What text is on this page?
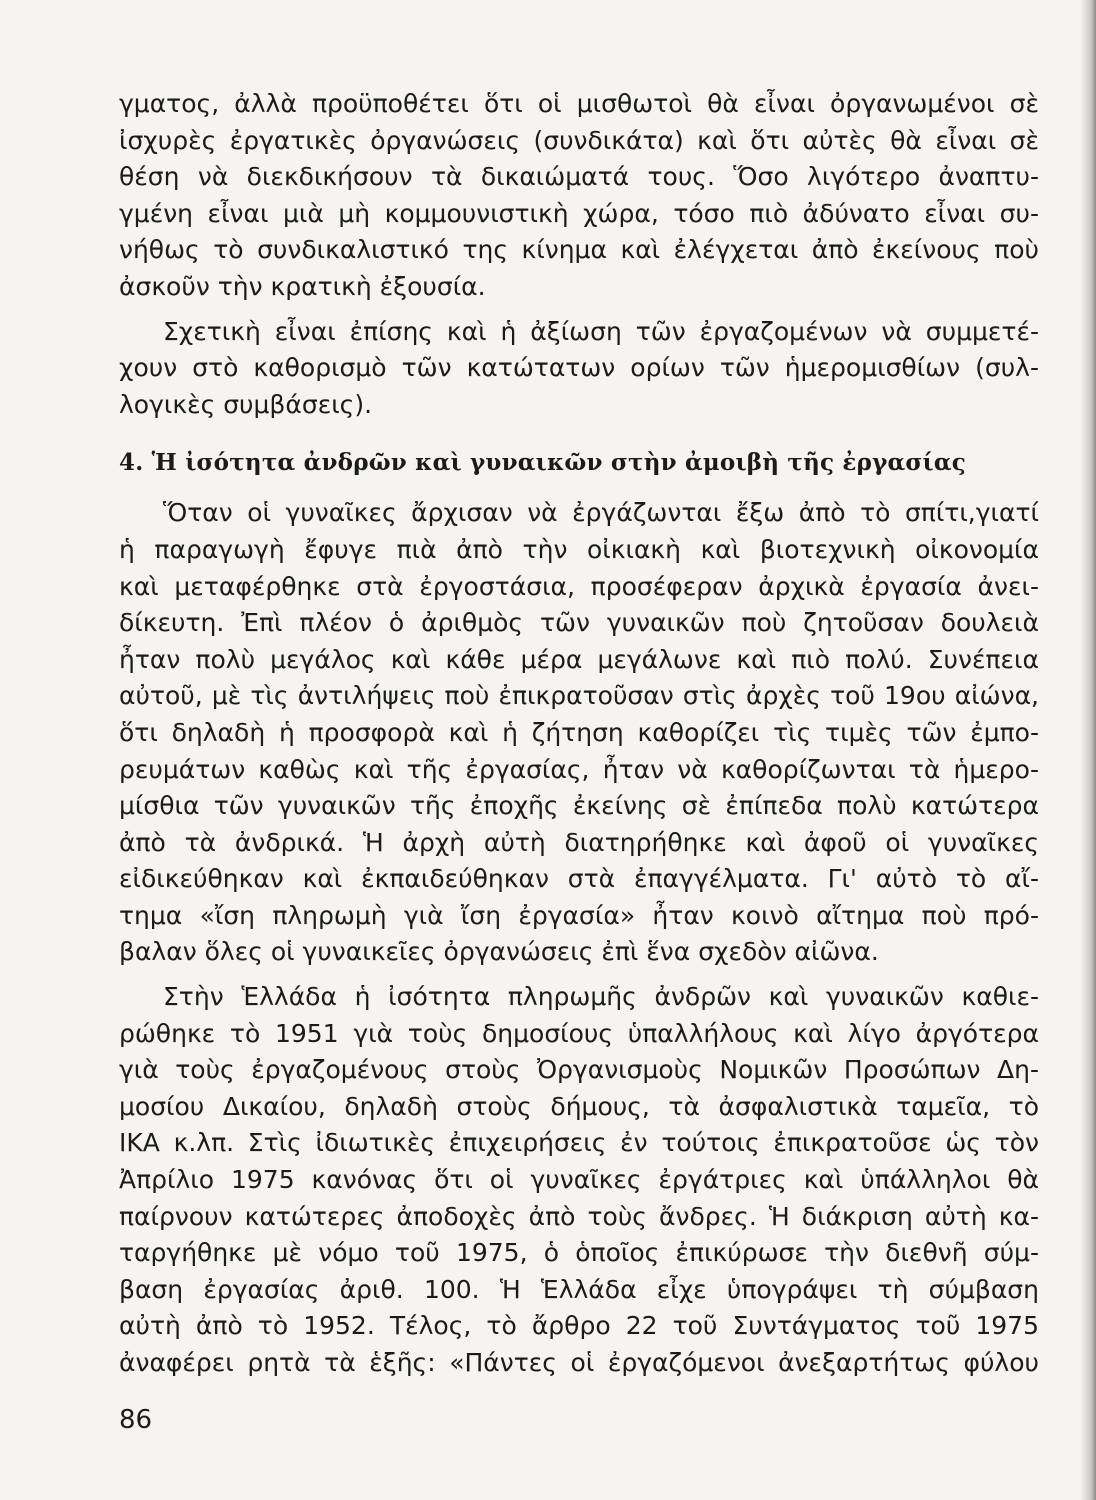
γματος, ἀλλὰ προϋποθέτει ὅτι οἱ μισθωτοὶ θὰ εἶναι ὀργανωμένοι σὲ
ἰσχυρὲς ἐργατικὲς ὀργανώσεις (συνδικάτα) καὶ ὅτι αὐτὲς θὰ εἶναι σὲ
θέση νὰ διεκδικήσουν τὰ δικαιώματά τους. Ὅσο λιγότερο ἀναπτυ-
γμένη εἶναι μιὰ μὴ κομμουνιστικὴ χώρα, τόσο πιὸ ἀδύνατο εἶναι συ-
νήθως τὸ συνδικαλιστικό της κίνημα καὶ ἐλέγχεται ἀπὸ ἐκείνους ποὺ
ἀσκοῦν τὴν κρατικὴ ἐξουσία.
Σχετικὴ εἶναι ἐπίσης καὶ ἡ ἀξίωση τῶν ἐργαζομένων νὰ συμμετέ-
χουν στὸ καθορισμὸ τῶν κατώτατων ορίων τῶν ἡμερομισθίων (συλ-
λογικὲς συμβάσεις).
4. Ἡ ἰσότητα ἀνδρῶν καὶ γυναικῶν στὴν ἀμοιβὴ τῆς ἐργασίας
Ὅταν οἱ γυναῖκες ἄρχισαν νὰ ἐργάζωνται ἔξω ἀπὸ τὸ σπίτι,γιατί
ἡ παραγωγὴ ἔφυγε πιὰ ἀπὸ τὴν οἰκιακὴ καὶ βιοτεχνικὴ οἰκονομία
καὶ μεταφέρθηκε στὰ ἐργοστάσια, προσέφεραν ἀρχικὰ ἐργασία ἀνει-
δίκευτη. Ἐπὶ πλέον ὁ ἀριθμὸς τῶν γυναικῶν ποὺ ζητοῦσαν δουλειὰ
ἦταν πολὺ μεγάλος καὶ κάθε μέρα μεγάλωνε καὶ πιὸ πολύ. Συνέπεια
αὐτοῦ, μὲ τὶς ἀντιλήψεις ποὺ ἐπικρατοῦσαν στὶς ἀρχὲς τοῦ 19ου αἰώνα,
ὅτι δηλαδὴ ἡ προσφορὰ καὶ ἡ ζήτηση καθορίζει τὶς τιμὲς τῶν ἐμπο-
ρευμάτων καθὼς καὶ τῆς ἐργασίας, ἦταν νὰ καθορίζωνται τὰ ἡμερο-
μίσθια τῶν γυναικῶν τῆς ἐποχῆς ἐκείνης σὲ ἐπίπεδα πολὺ κατώτερα
ἀπὸ τὰ ἀνδρικά. Ἡ ἀρχὴ αὐτὴ διατηρήθηκε καὶ ἀφοῦ οἱ γυναῖκες
εἰδικεύθηκαν καὶ ἐκπαιδεύθηκαν στὰ ἐπαγγέλματα. Γι' αὐτὸ τὸ αἴ-
τημα «ἴση πληρωμὴ γιὰ ἴση ἐργασία» ἦταν κοινὸ αἴτημα ποὺ πρό-
βαλαν ὅλες οἱ γυναικεῖες ὀργανώσεις ἐπὶ ἕνα σχεδὸν αἰῶνα.
Στὴν Ἑλλάδα ἡ ἰσότητα πληρωμῆς ἀνδρῶν καὶ γυναικῶν καθιε-
ρώθηκε τὸ 1951 γιὰ τοὺς δημοσίους ὑπαλλήλους καὶ λίγο ἀργότερα
γιὰ τοὺς ἐργαζομένους στοὺς Ὀργανισμοὺς Νομικῶν Προσώπων Δη-
μοσίου Δικαίου, δηλαδὴ στοὺς δήμους, τὰ ἀσφαλιστικὰ ταμεῖα, τὸ
ΙΚΑ κ.λπ. Στὶς ἰδιωτικὲς ἐπιχειρήσεις ἐν τούτοις ἐπικρατοῦσε ὡς τὸν
Ἀπρίλιο 1975 κανόνας ὅτι οἱ γυναῖκες ἐργάτριες καὶ ὑπάλληλοι θὰ
παίρνουν κατώτερες ἀποδοχὲς ἀπὸ τοὺς ἄνδρες. Ἡ διάκριση αὐτὴ κα-
ταργήθηκε μὲ νόμο τοῦ 1975, ὁ ὁποῖος ἐπικύρωσε τὴν διεθνῆ σύμ-
βαση ἐργασίας ἀριθ. 100. Ἡ Ἑλλάδα εἶχε ὑπογράψει τὴ σύμβαση
αὐτὴ ἀπὸ τὸ 1952. Τέλος, τὸ ἄρθρο 22 τοῦ Συντάγματος τοῦ 1975
ἀναφέρει ρητὰ τὰ ἑξῆς: «Πάντες οἱ ἐργαζόμενοι ἀνεξαρτήτως φύλου
86
